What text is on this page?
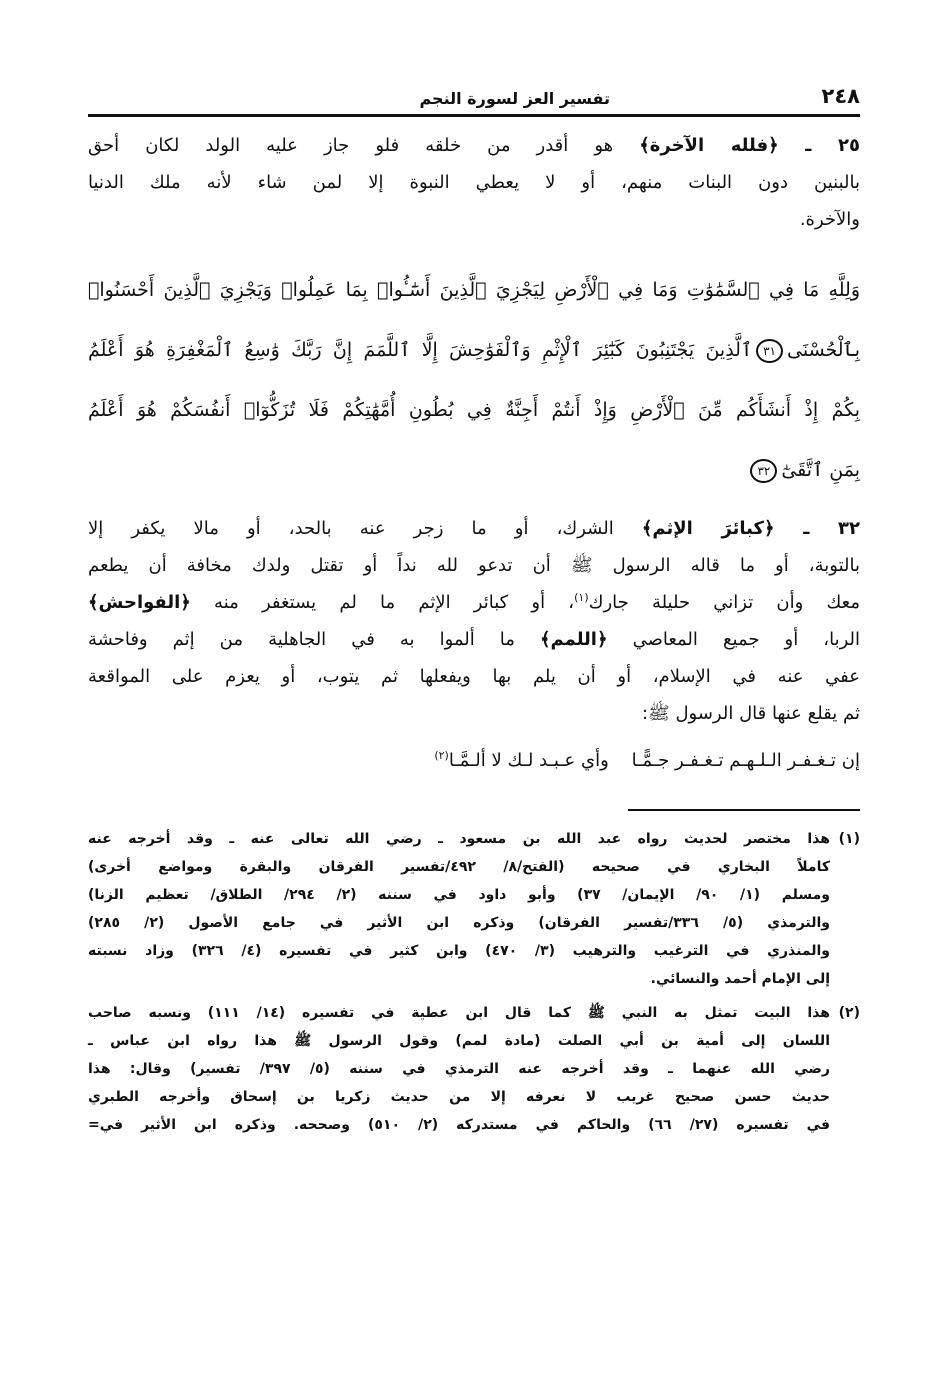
٢٤٨
تفسير العز لسورة النجم
٢٥ ـ ﴿فلله الآخرة﴾ هو أقدر من خلقه فلو جاز عليه الولد لكان أحق
بالبنين دون البنات منهم، أو لا يعطي النبوة إلا لمن شاء لأنه ملك الدنيا
والآخرة.
وَلِلَّهِ مَا فِي ٱلسَّمَٰوَٰتِ وَمَا فِي ٱلْأَرْضِ لِيَجْزِيَ ٱلَّذِينَ أَسَٰٓـُٔوا۟ بِمَا عَمِلُوا۟ وَيَجْزِيَ ٱلَّذِينَ أَحْسَنُوا۟
بِٱلْحُسْنَى٣١ٱلَّذِينَ يَجْتَنِبُونَ كَبَٰٓئِرَ ٱلْإِثْمِ وَٱلْفَوَٰحِشَ إِلَّا ٱللَّمَمَ إِنَّ رَبَّكَ وَٰسِعُ ٱلْمَغْفِرَةِ هُوَ أَعْلَمُ
بِكُمْ إِذْ أَنشَأَكُم مِّنَ ٱلْأَرْضِ وَإِذْ أَنتُمْ أَجِنَّةٌ فِي بُطُونِ أُمَّهَٰتِكُمْ فَلَا تُزَكُّوٓا۟ أَنفُسَكُمْ هُوَ أَعْلَمُ
بِمَنِ ٱتَّقَىٰٓ٣٢
٣٢ ـ ﴿كبائرَ الإثم﴾ الشرك، أو ما زجر عنه بالحد، أو مالا يكفر إلا
بالتوبة، أو ما قاله الرسول ﷺ أن تدعو لله نداً أو تقتل ولدك مخافة أن يطعم
معك وأن تزاني حليلة جارك$^{(١)}$، أو كبائر الإثم ما لم يستغفر منه ﴿الفواحش﴾
الربا، أو جميع المعاصي ﴿اللمم﴾ ما ألموا به في الجاهلية من إثم وفاحشة
عفي عنه في الإسلام، أو أن يلم بها ويفعلها ثم يتوب، أو يعزم على المواقعة
ثم يقلع عنها قال الرسول ﷺ:
إن تـغـفـر الـلـهـم تـغـفـر جـمًّـا    وأي عـبـد لـك لا ألـمَّـا$^{(٢)}$
(١)
هذا مختصر لحديث رواه عبد الله بن مسعود ـ رضي الله تعالى عنه ـ وقد أخرجه عنه
كاملاً البخاري في صحيحه (الفتح/٨/ ٤٩٢/تفسير الفرقان والبقرة ومواضع أخرى)
ومسلم (١/ ٩٠/ الإيمان/ ٣٧) وأبو داود في سننه (٢/ ٢٩٤/ الطلاق/ تعظيم الزنا)
والترمذي (٥/ ٣٣٦/تفسير الفرقان) وذكره ابن الأثير في جامع الأصول (٢/ ٢٨٥)
والمنذري في الترغيب والترهيب (٣/ ٤٧٠) وابن كثير في تفسيره (٤/ ٣٢٦) وزاد نسبته
إلى الإمام أحمد والنسائي.
(٢)
هذا البيت تمثل به النبي ﷺ كما قال ابن عطية في تفسيره (١٤/ ١١١) ونسبه صاحب
اللسان إلى أمية بن أبي الصلت (مادة لمم) وقول الرسول ﷺ هذا رواه ابن عباس ـ
رضي الله عنهما ـ وقد أخرجه عنه الترمذي في سننه (٥/ ٣٩٧/ تفسير) وقال: هذا
حديث حسن صحيح غريب لا نعرفه إلا من حديث زكريا بن إسحاق وأخرجه الطبري
في تفسيره (٢٧/ ٦٦) والحاكم في مستدركه (٢/ ٥١٠) وصححه. وذكره ابن الأثير في=
